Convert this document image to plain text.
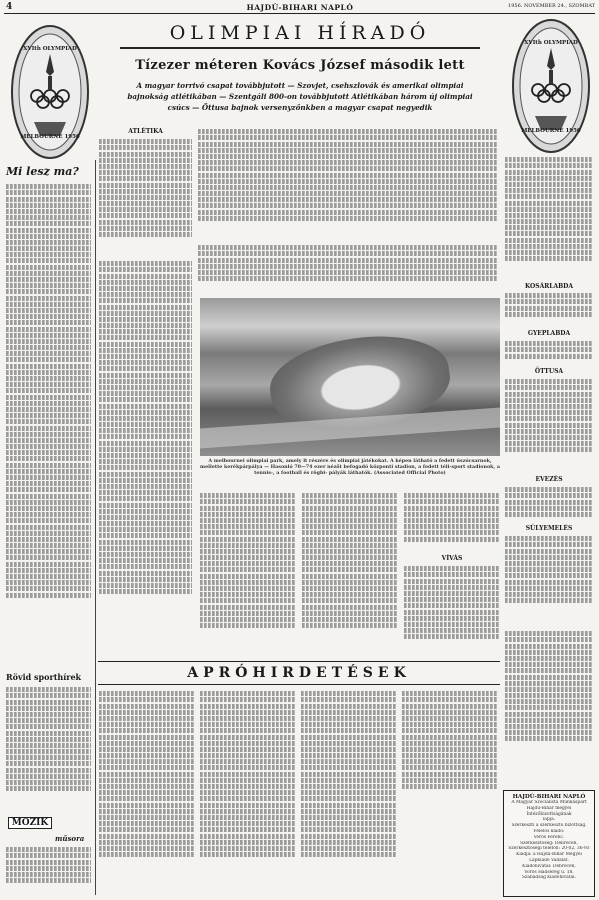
4	HAJDÚ-BIHARI NAPLÓ	1956. NOVEMBER 24., SZOMBAT
XVIth OLYMPIAD
MELBOURNE 1956
XVIth OLYMPIAD
MELBOURNE 1956
OLIMPIAI HÍRADÓ
Tízezer méteren Kovács József második lett
A magyar torrivó csapat továbbjutott — Szovjet, csehszlovák és amerikai olimpiai bajnokság atlétikában — Szentgáli 800-on továbbjutott Atlétikában három új olimpiai csúcs — Öttusa bajnok versenyzőnkben a magyar csapat negyedik
Mi lesz ma?
Rövid sporthírek
MOZIK
műsora
ATLÉTIKA
KOSÁRLABDA
GYEPLABDA
ÖTTUSA
EVEZÉS
SÚLYEMELÉS
A melbournei olimpiai park, amely lt részére és olimpiai játékokat. A képen látható a fedett úszócsarnok, mellette kerékpárpálya — Hasonló 70—74 ezer nézőt befogadó központi stadion, a fedett téli-sport stadionok, a tennis-, a football és rögbi- pályák láthatók. (Associated Official Photo)
VÍVÁS
APRÓHIRDETÉSEK
HAJDÚ-BIHARI NAPLÓ
A Magyar Szocialista Munkáspárt
Hajdú-Bihar megyei Intézőbizottságának
lapja.
Szerkeszti a szerkesztő bizottság.
Felelős kiadó:
Vörös Ferenc.
Szerkesztőség: Debrecen,
Szerkesztőségi telefon: 20-02, 36-93
Kiadja: a Hajdú-Bihar Megyei
Lapkiadó Vállalat.
Kiadóhivatal: Debrecen,
Vörös Hadsereg u. 18.
Szabadság kiadóhivatal.
